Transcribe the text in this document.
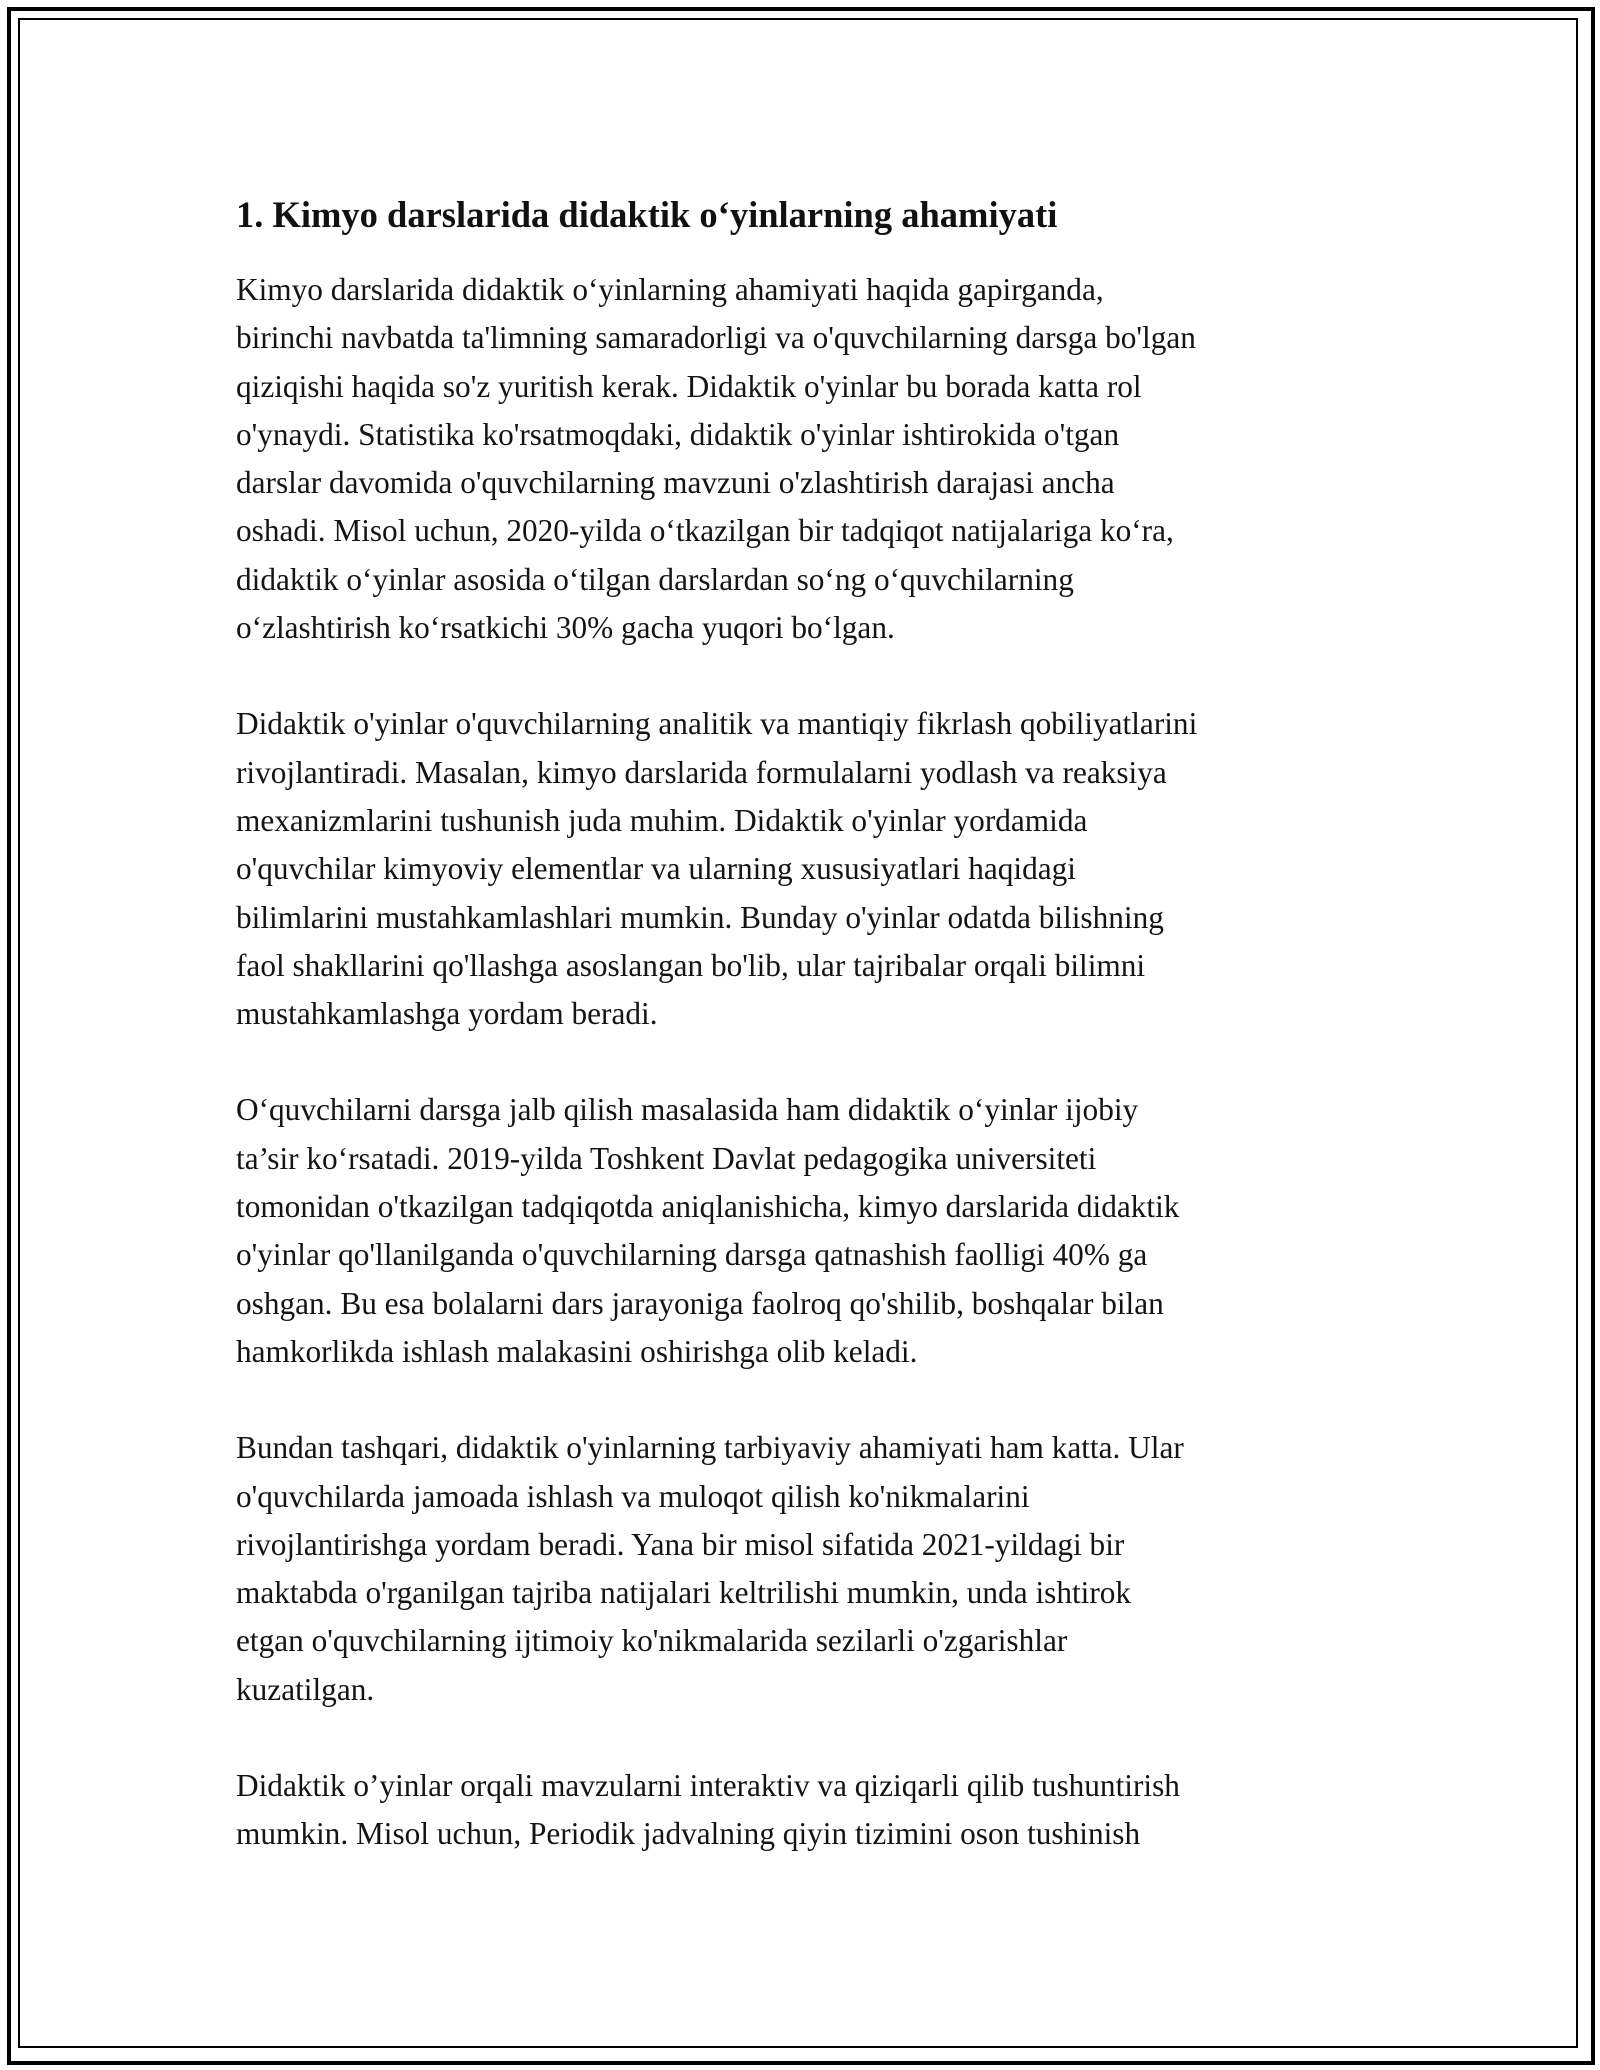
1. Kimyo darslarida didaktik o‘yinlarning ahamiyati

Kimyo darslarida didaktik o‘yinlarning ahamiyati haqida gapirganda,
birinchi navbatda ta'limning samaradorligi va o'quvchilarning darsga bo'lgan
qiziqishi haqida so'z yuritish kerak. Didaktik o'yinlar bu borada katta rol
o'ynaydi. Statistika ko'rsatmoqdaki, didaktik o'yinlar ishtirokida o'tgan
darslar davomida o'quvchilarning mavzuni o'zlashtirish darajasi ancha
oshadi. Misol uchun, 2020-yilda o‘tkazilgan bir tadqiqot natijalariga ko‘ra,
didaktik o‘yinlar asosida o‘tilgan darslardan so‘ng o‘quvchilarning
o‘zlashtirish ko‘rsatkichi 30% gacha yuqori bo‘lgan.

Didaktik o'yinlar o'quvchilarning analitik va mantiqiy fikrlash qobiliyatlarini
rivojlantiradi. Masalan, kimyo darslarida formulalarni yodlash va reaksiya
mexanizmlarini tushunish juda muhim. Didaktik o'yinlar yordamida
o'quvchilar kimyoviy elementlar va ularning xususiyatlari haqidagi
bilimlarini mustahkamlashlari mumkin. Bunday o'yinlar odatda bilishning
faol shakllarini qo'llashga asoslangan bo'lib, ular tajribalar orqali bilimni
mustahkamlashga yordam beradi.

O‘quvchilarni darsga jalb qilish masalasida ham didaktik o‘yinlar ijobiy
ta’sir ko‘rsatadi. 2019-yilda Toshkent Davlat pedagogika universiteti
tomonidan o'tkazilgan tadqiqotda aniqlanishicha, kimyo darslarida didaktik
o'yinlar qo'llanilganda o'quvchilarning darsga qatnashish faolligi 40% ga
oshgan. Bu esa bolalarni dars jarayoniga faolroq qo'shilib, boshqalar bilan
hamkorlikda ishlash malakasini oshirishga olib keladi.

Bundan tashqari, didaktik o'yinlarning tarbiyaviy ahamiyati ham katta. Ular
o'quvchilarda jamoada ishlash va muloqot qilish ko'nikmalarini
rivojlantirishga yordam beradi. Yana bir misol sifatida 2021-yildagi bir
maktabda o'rganilgan tajriba natijalari keltrilishi mumkin, unda ishtirok
etgan o'quvchilarning ijtimoiy ko'nikmalarida sezilarli o'zgarishlar
kuzatilgan.

Didaktik o’yinlar orqali mavzularni interaktiv va qiziqarli qilib tushuntirish
mumkin. Misol uchun, Periodik jadvalning qiyin tizimini oson tushinish
